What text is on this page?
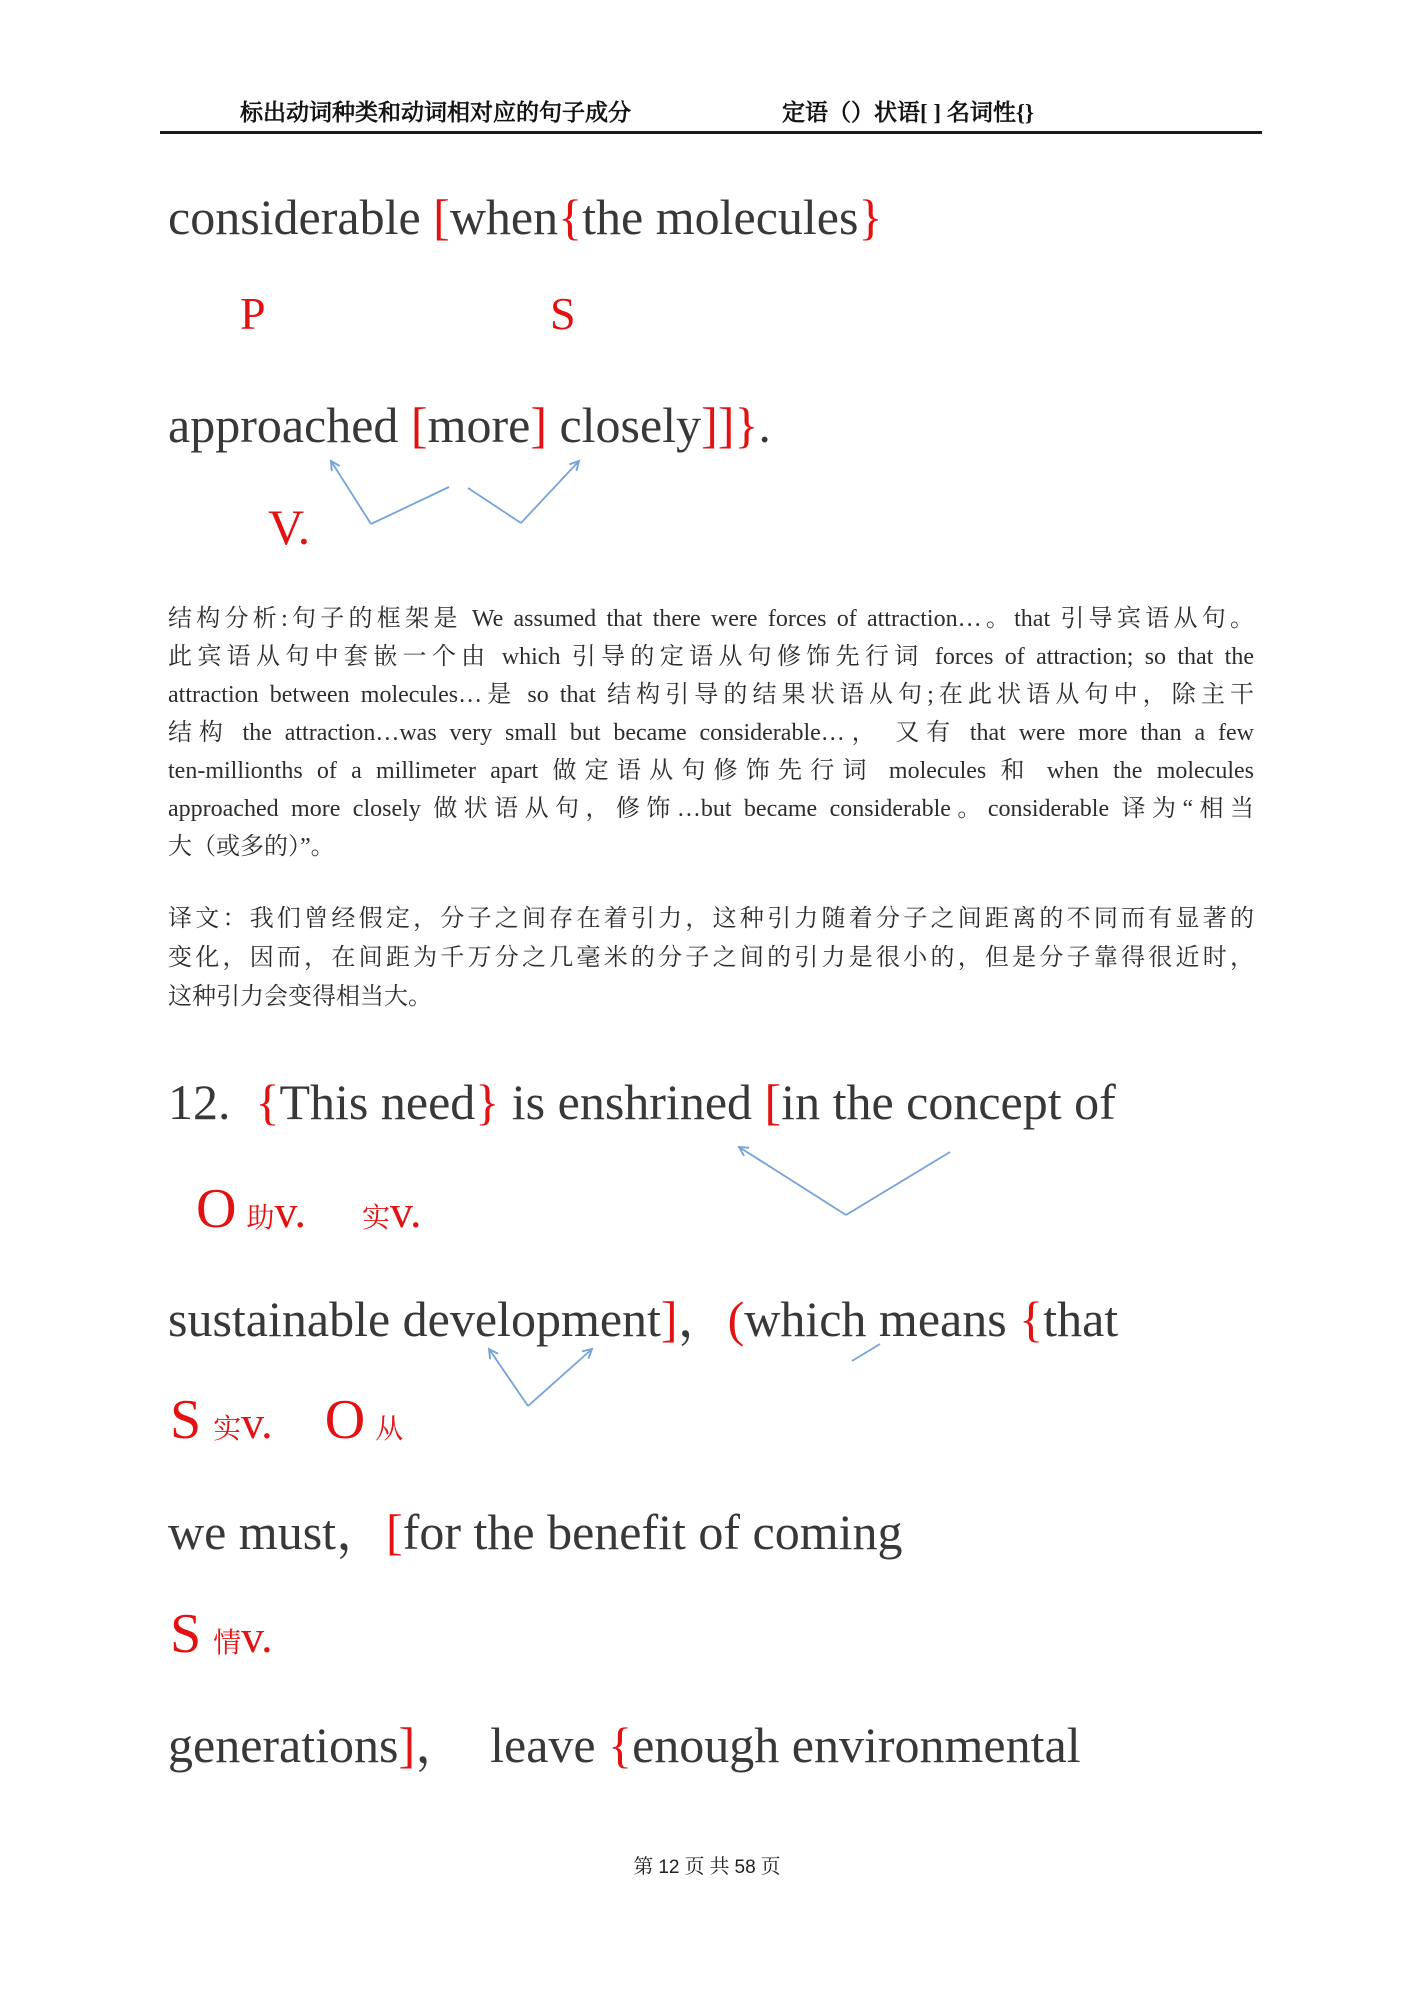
标出动词种类和动词相对应的句子成分	定语（）状语[ ] 名词性{}
considerable [when{the molecules}
P	S
approached [more] closely]]}.
V.
结构分析:句子的框架是 We assumed that there were forces of attraction…。that 引导宾语从句。
此宾语从句中套嵌一个由 which 引导的定语从句修饰先行词 forces of attraction; so that the
attraction between molecules…是 so that 结构引导的结果状语从句;在此状语从句中，除主干
结构 the attraction…was very small but became considerable…， 又有 that were more than a few
ten-millionths of a millimeter apart 做定语从句修饰先行词 molecules 和 when the molecules
approached more closely 做状语从句，修饰…but became considerable。considerable 译为“相当
大（或多的）”。
译文：我们曾经假定，分子之间存在着引力，这种引力随着分子之间距离的不同而有显著的
变化，因而，在间距为千万分之几毫米的分子之间的引力是很小的，但是分子靠得很近时，
这种引力会变得相当大。
12.  {This need} is enshrined [in the concept of
O助v. 实v.
sustainable development]，(which means {that
S实v. O 从
we must，[for the benefit of coming
S情v.
generations]，  leave {enough environmental
第 12 页 共 58 页
